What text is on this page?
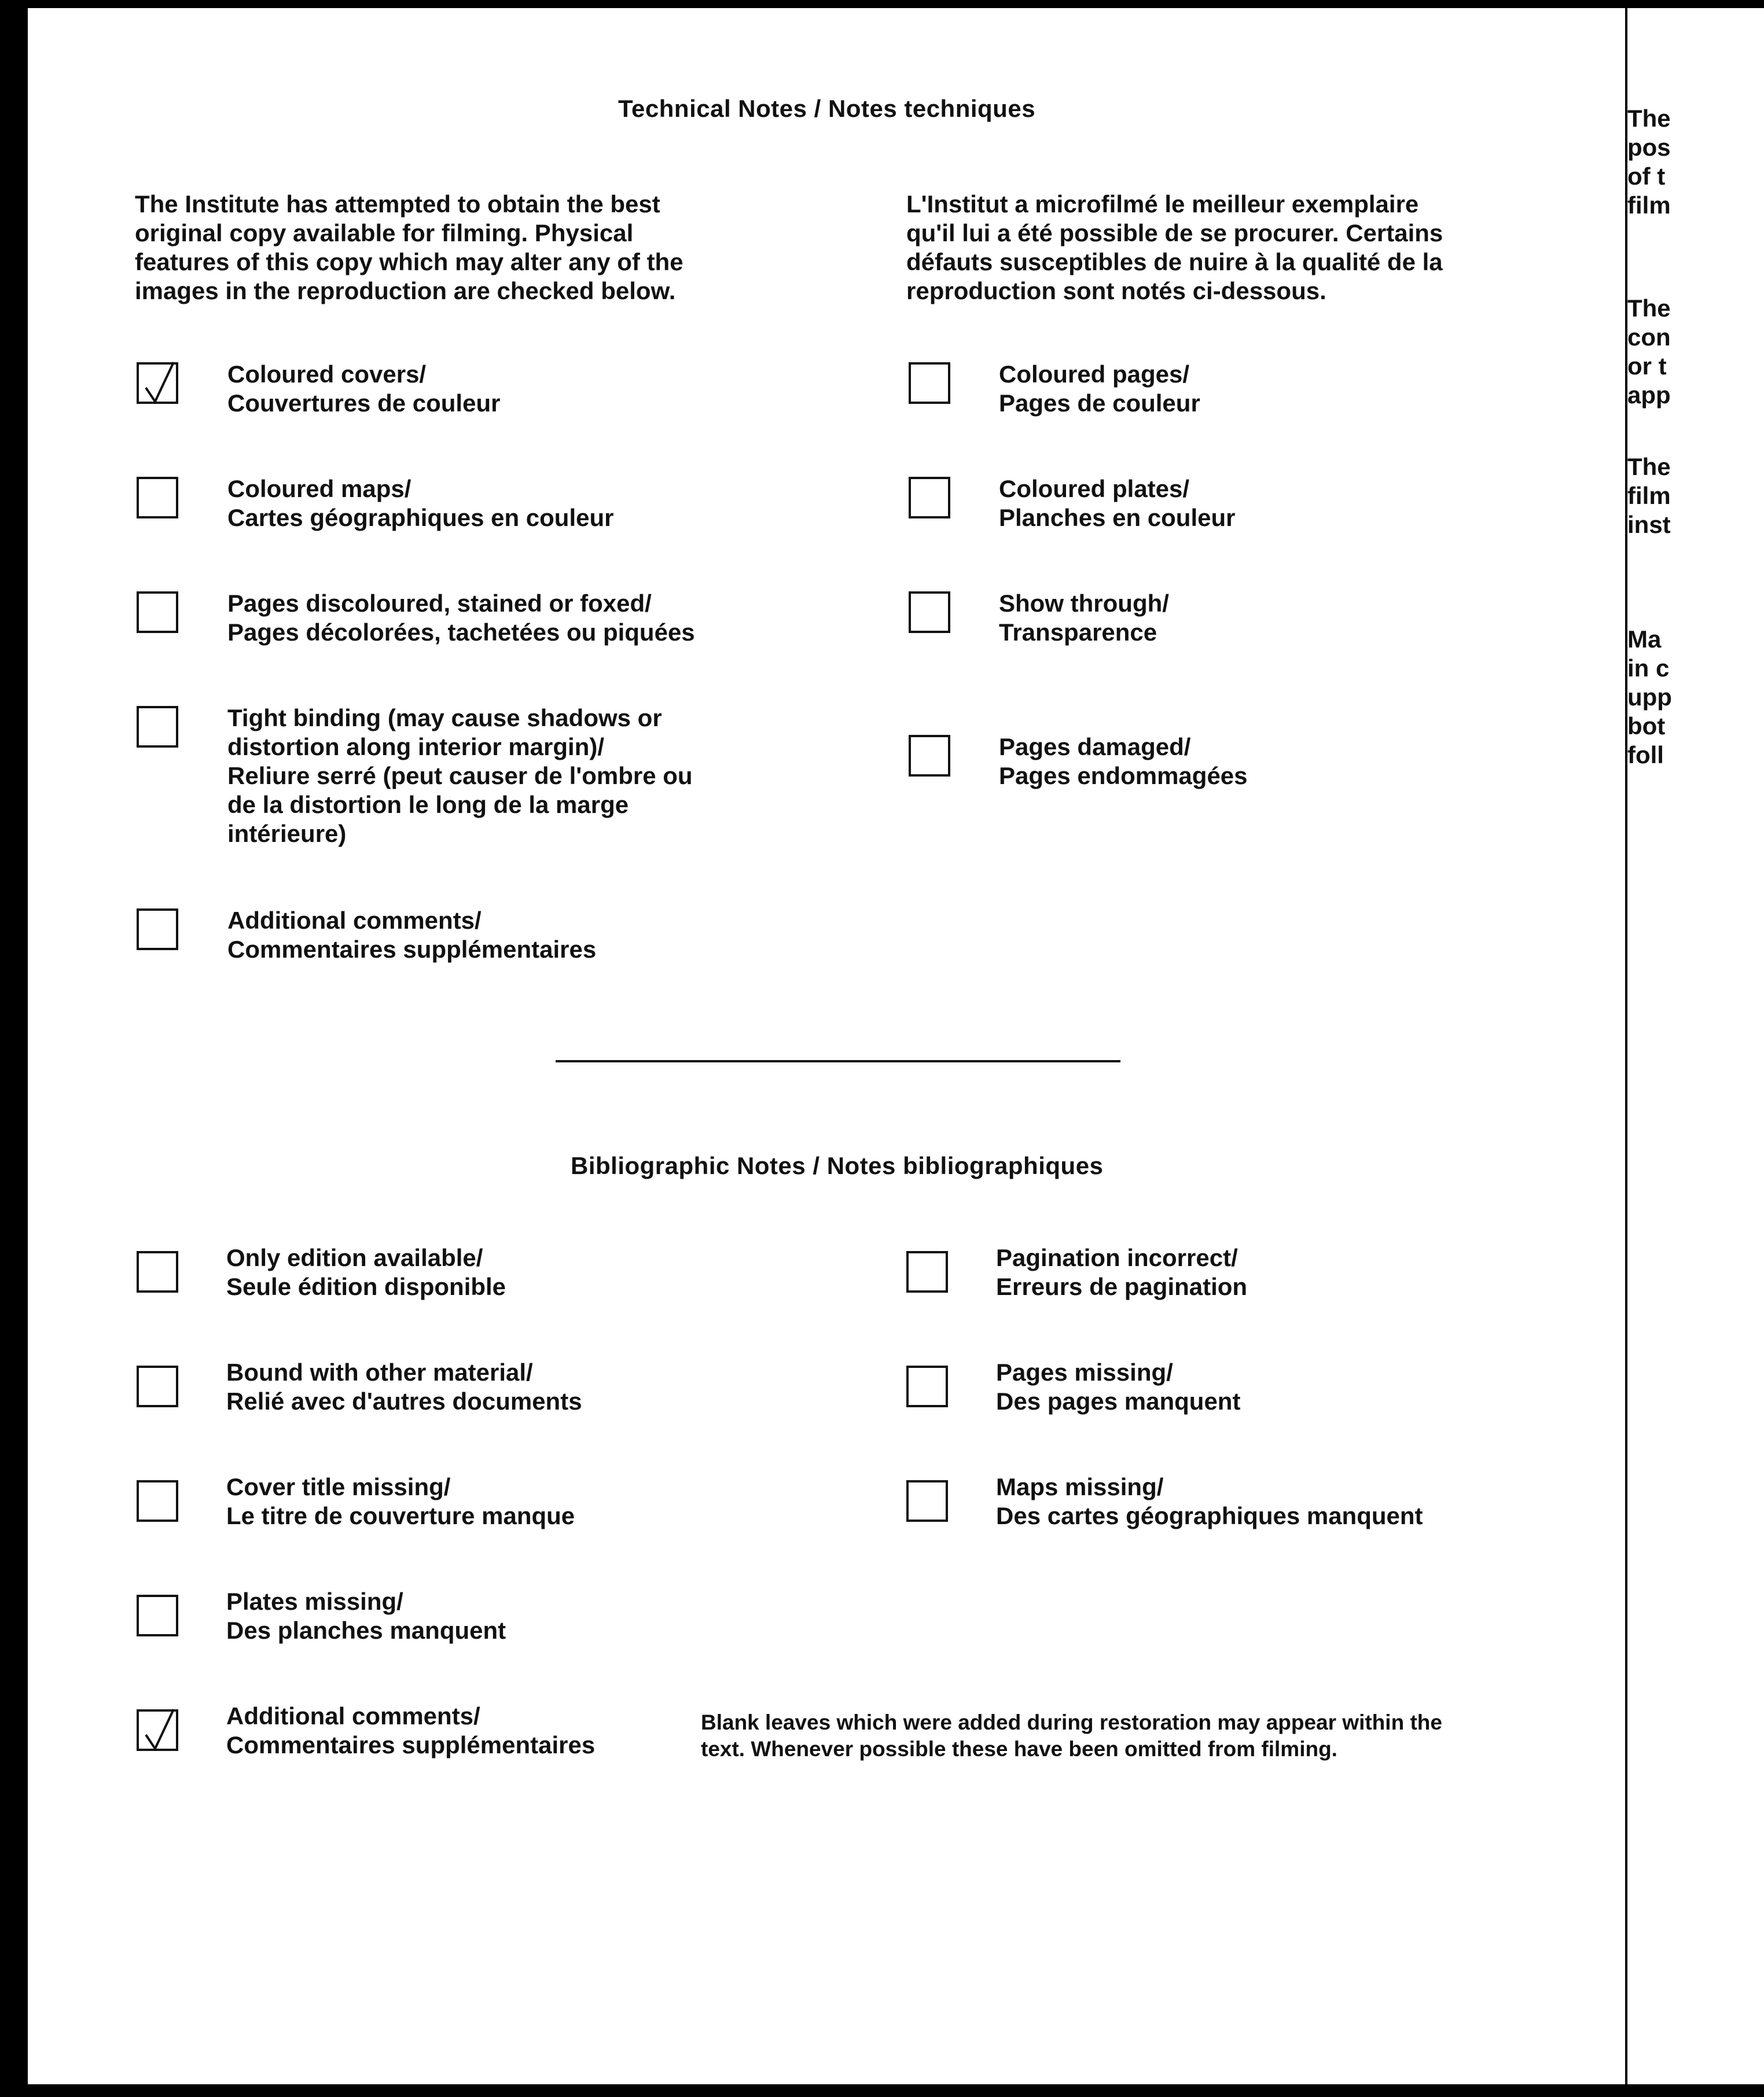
Technical Notes / Notes techniques
The Institute has attempted to obtain the best
original copy available for filming. Physical
features of this copy which may alter any of the
images in the reproduction are checked below.
L'Institut a microfilmé le meilleur exemplaire
qu'il lui a été possible de se procurer. Certains
défauts susceptibles de nuire à la qualité de la
reproduction sont notés ci-dessous.
Coloured covers/
Couvertures de couleur
Coloured maps/
Cartes géographiques en couleur
Pages discoloured, stained or foxed/
Pages décolorées, tachetées ou piquées
Tight binding (may cause shadows or
distortion along interior margin)/
Reliure serré (peut causer de l'ombre ou
de la distortion le long de la marge
intérieure)
Additional comments/
Commentaires supplémentaires
Coloured pages/
Pages de couleur
Coloured plates/
Planches en couleur
Show through/
Transparence
Pages damaged/
Pages endommagées
Bibliographic Notes / Notes bibliographiques
Only edition available/
Seule édition disponible
Bound with other material/
Relié avec d'autres documents
Cover title missing/
Le titre de couverture manque
Plates missing/
Des planches manquent
Additional comments/
Commentaires supplémentaires
Pagination incorrect/
Erreurs de pagination
Pages missing/
Des pages manquent
Maps missing/
Des cartes géographiques manquent
Blank leaves which were added during restoration may appear within the
text. Whenever possible these have been omitted from filming.
The
pos
of t
film
The
con
or t
app
The
film
inst
Ma
in c
upp
bot
foll
